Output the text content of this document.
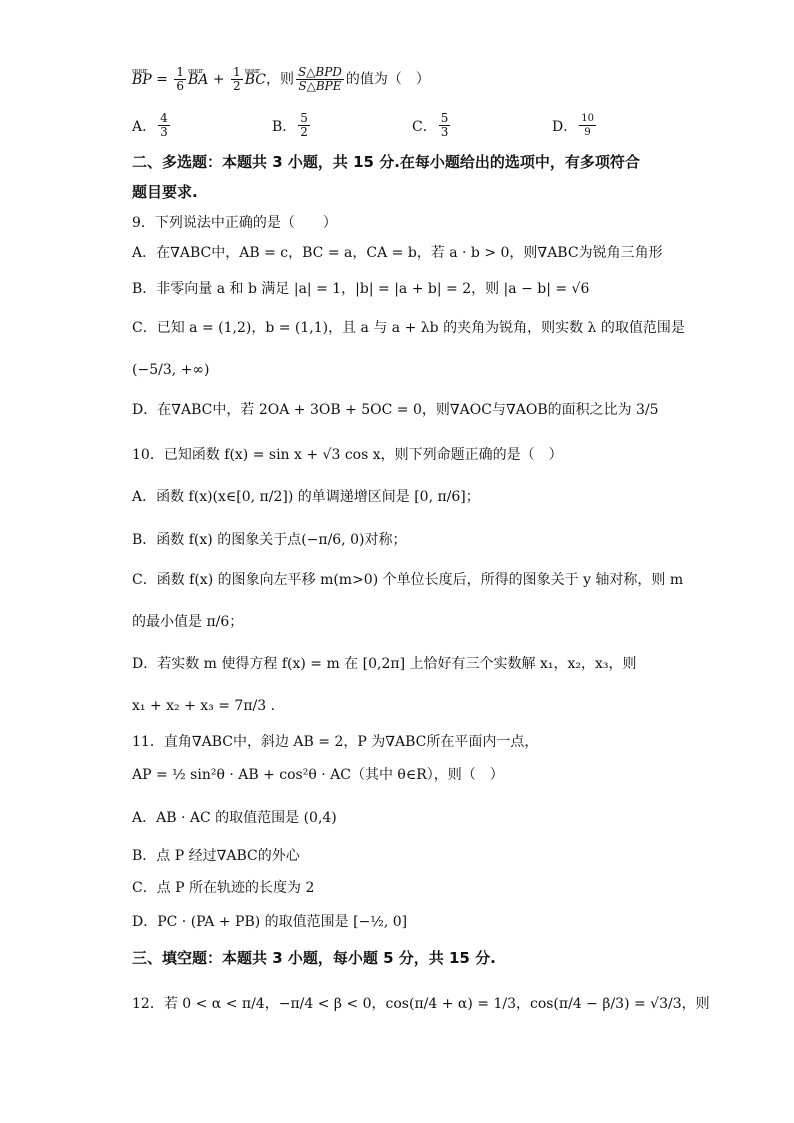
uuur BP = $\frac{1}{6}$ uuur BA + $\frac{1}{2}$ uuur BC，则 $\frac{\text{S△BPD}}{\text{S△BPE}}$ 的值为（　）
A． $\frac{4}{3}$	B． $\frac{5}{2}$	C． $\frac{5}{3}$	D． $\frac{10}{9}$
二、多选题：本题共 3 小题，共 15 分.在每小题给出的选项中，有多项符合
题目要求.
9．下列说法中正确的是（　　）
A．在∇ABC中，AB = c，BC = a，CA = b，若 a · b > 0，则∇ABC为锐角三角形
B．非零向量 a 和 b 满足 |a| = 1，|b| = |a + b| = 2，则 |a − b| = √6
C．已知 a = (1,2)，b = (1,1)，且 a 与 a + λb 的夹角为锐角，则实数 λ 的取值范围是
(−5/3, +∞)
D．在∇ABC中，若 2OA + 3OB + 5OC = 0，则∇AOC与∇AOB的面积之比为 3/5
10．已知函数 f(x) = sin x + √3 cos x，则下列命题正确的是（　）
A．函数 f(x)(x∈[0, π/2]) 的单调递增区间是 [0, π/6]；
B．函数 f(x) 的图象关于点(−π/6, 0)对称；
C．函数 f(x) 的图象向左平移 m(m>0) 个单位长度后，所得的图象关于 y 轴对称，则 m
的最小值是 π/6；
D．若实数 m 使得方程 f(x) = m 在 [0,2π] 上恰好有三个实数解 x₁，x₂，x₃，则
x₁ + x₂ + x₃ = 7π/3 .
11．直角∇ABC中，斜边 AB = 2，P 为∇ABC所在平面内一点，
AP = ½ sin²θ · AB + cos²θ · AC（其中 θ∈R），则（　）
A．AB · AC 的取值范围是 (0,4)
B．点 P 经过∇ABC的外心
C．点 P 所在轨迹的长度为 2
D．PC · (PA + PB) 的取值范围是 [−½, 0]
三、填空题：本题共 3 小题，每小题 5 分，共 15 分.
12．若 0 < α < π/4，−π/4 < β < 0，cos(π/4 + α) = 1/3，cos(π/4 − β/3) = √3/3，则
